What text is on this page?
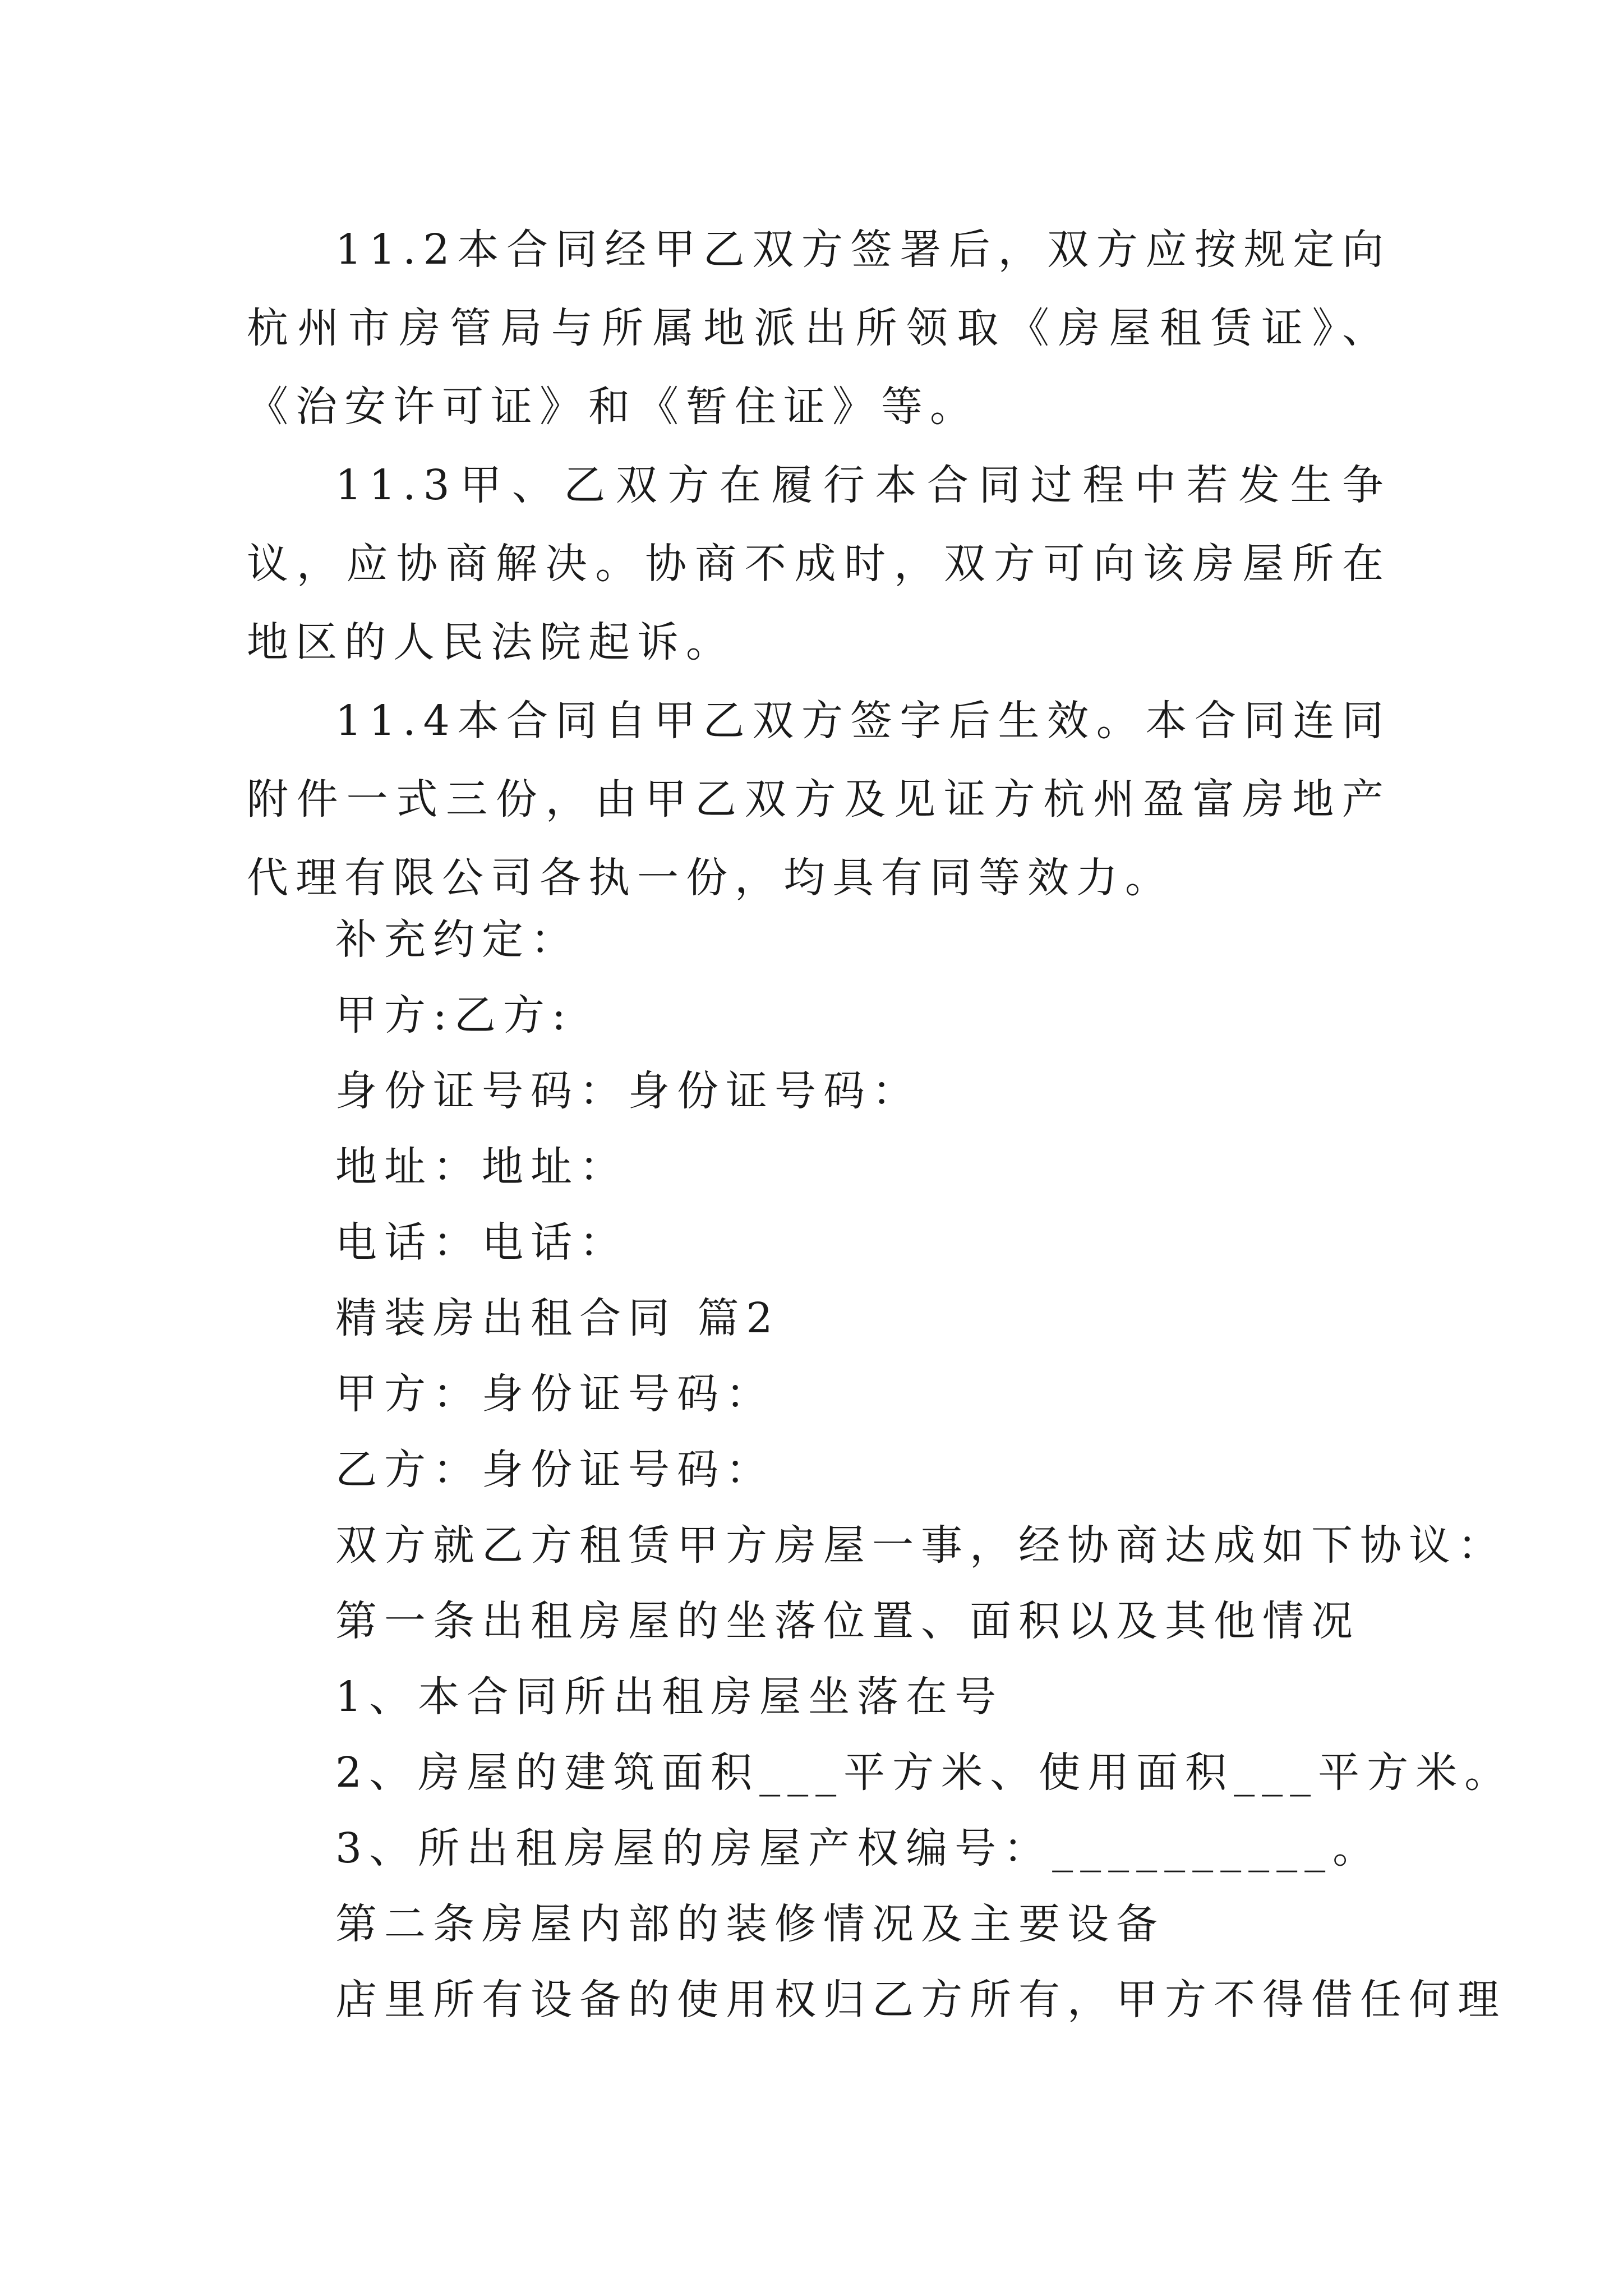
11.2本合同经甲乙双方签署后，双方应按规定向杭州市房管局与所属地派出所领取《房屋租赁证》、《治安许可证》和《暂住证》等。

11.3甲、乙双方在履行本合同过程中若发生争议，应协商解决。协商不成时，双方可向该房屋所在地区的人民法院起诉。

11.4本合同自甲乙双方签字后生效。本合同连同附件一式三份，由甲乙双方及见证方杭州盈富房地产代理有限公司各执一份，均具有同等效力。

补充约定：

甲方:乙方:

身份证号码：身份证号码：

地址：地址：

电话：电话：

精装房出租合同 篇2

甲方：身份证号码：

乙方：身份证号码：

双方就乙方租赁甲方房屋一事，经协商达成如下协议：

第一条出租房屋的坐落位置、面积以及其他情况

1、本合同所出租房屋坐落在号

2、房屋的建筑面积___平方米、使用面积___平方米。

3、所出租房屋的房屋产权编号：__________。

第二条房屋内部的装修情况及主要设备

店里所有设备的使用权归乙方所有，甲方不得借任何理
